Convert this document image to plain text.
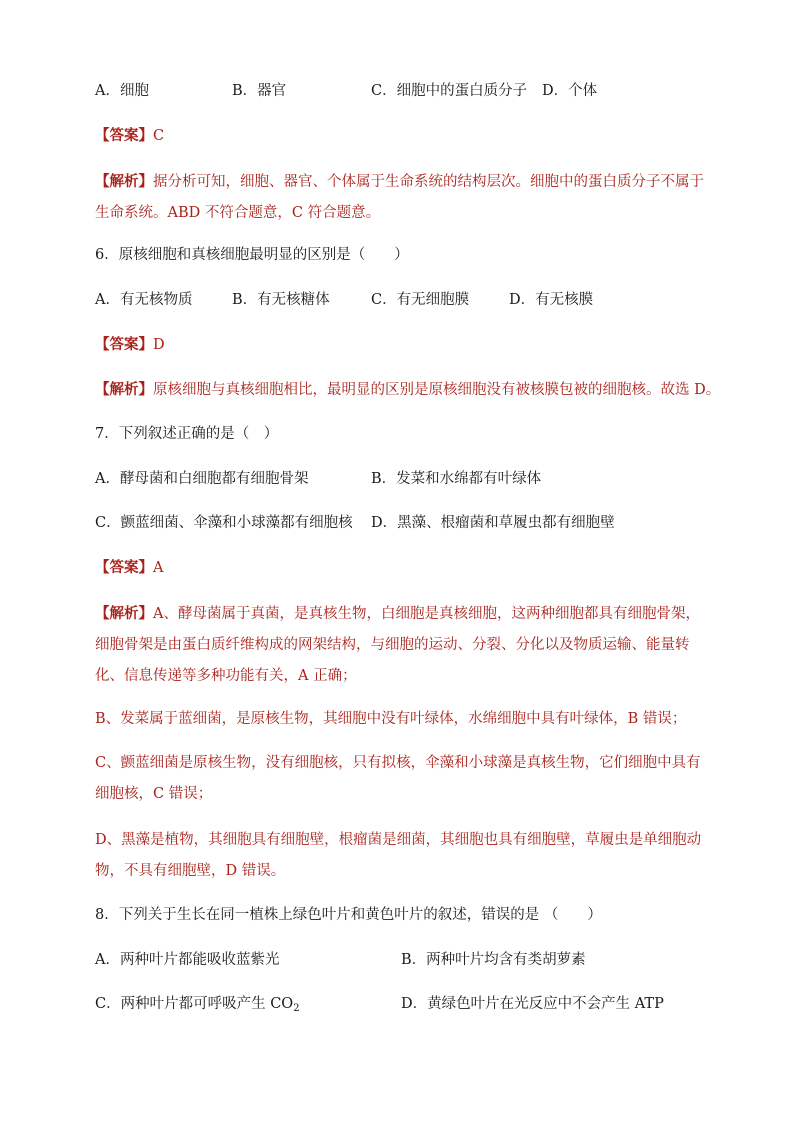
A．细胞	B．器官	C．细胞中的蛋白质分子 D．个体
【答案】C
【解析】据分析可知，细胞、器官、个体属于生命系统的结构层次。细胞中的蛋白质分子不属于生命系统。ABD 不符合题意，C 符合题意。
6．原核细胞和真核细胞最明显的区别是（　　）
A．有无核物质	B．有无核糖体	C．有无细胞膜	D．有无核膜
【答案】D
【解析】原核细胞与真核细胞相比，最明显的区别是原核细胞没有被核膜包被的细胞核。故选 D。
7．下列叙述正确的是（　）
A．酵母菌和白细胞都有细胞骨架	B．发菜和水绵都有叶绿体
C．颤蓝细菌、伞藻和小球藻都有细胞核 D．黑藻、根瘤菌和草履虫都有细胞壁
【答案】A
【解析】A、酵母菌属于真菌，是真核生物，白细胞是真核细胞，这两种细胞都具有细胞骨架，细胞骨架是由蛋白质纤维构成的网架结构，与细胞的运动、分裂、分化以及物质运输、能量转化、信息传递等多种功能有关，A 正确；
B、发菜属于蓝细菌，是原核生物，其细胞中没有叶绿体，水绵细胞中具有叶绿体，B 错误；
C、颤蓝细菌是原核生物，没有细胞核，只有拟核，伞藻和小球藻是真核生物，它们细胞中具有细胞核，C 错误；
D、黑藻是植物，其细胞具有细胞壁，根瘤菌是细菌，其细胞也具有细胞壁，草履虫是单细胞动物，不具有细胞壁，D 错误。
8．下列关于生长在同一植株上绿色叶片和黄色叶片的叙述，错误的是 （　　）
A．两种叶片都能吸收蓝紫光	B．两种叶片均含有类胡萝素
C．两种叶片都可呼吸产生 $CO_2$	D．黄绿色叶片在光反应中不会产生 ATP
